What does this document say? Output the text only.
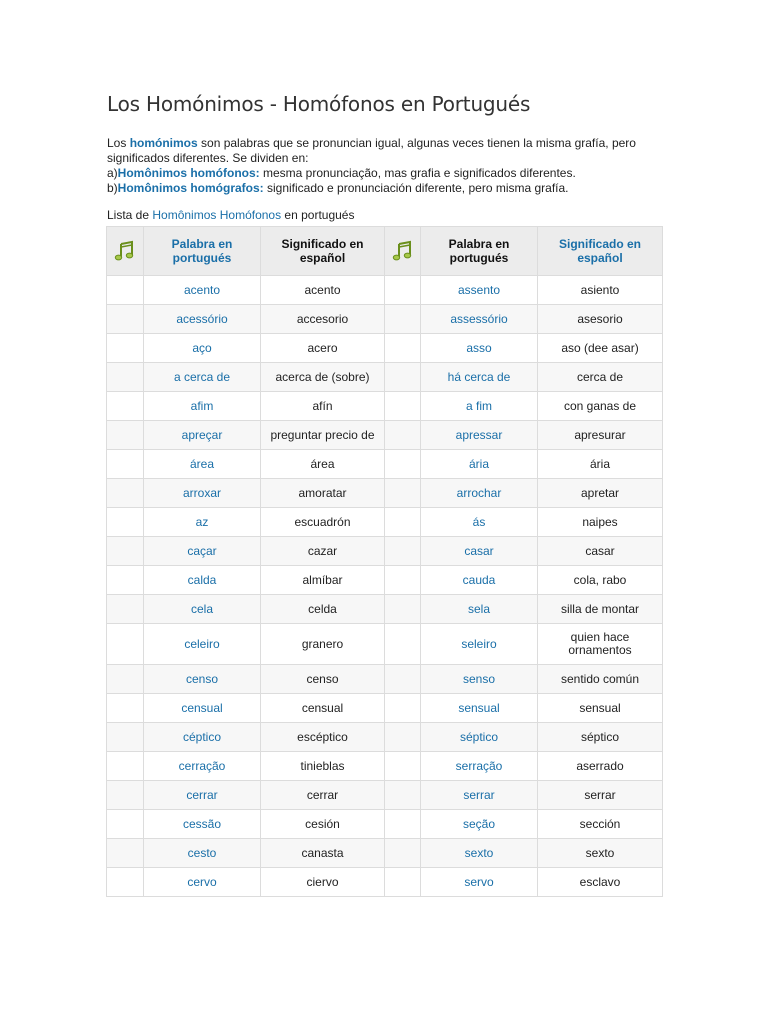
Los Homónimos - Homófonos en Portugués

Los homónimos son palabras que se pronuncian igual, algunas veces tienen la misma grafía, pero significados diferentes. Se dividen en:

a)Homônimos homófonos: mesma pronunciação, mas grafia e significados diferentes.

b)Homônimos homógrafos: significado e pronunciación diferente, pero misma grafía.

Lista de Homônimos Homófonos en portugués
	Palabra en portugués	Significado en español		Palabra en portugués	Significado en español
	acento	acento		assento	asiento
	acessório	accesorio		assessório	asesorio
	aço	acero		asso	aso (dee asar)
	a cerca de	acerca de (sobre)		há cerca de	cerca de
	afim	afín		a fim	con ganas de
	apreçar	preguntar precio de		apressar	apresurar
	área	área		ária	ária
	arroxar	amoratar		arrochar	apretar
	az	escuadrón		ás	naipes
	caçar	cazar		casar	casar
	calda	almíbar		cauda	cola, rabo
	cela	celda		sela	silla de montar
	celeiro	granero		seleiro	quien hace ornamentos
	censo	censo		senso	sentido común
	censual	censual		sensual	sensual
	céptico	escéptico		séptico	séptico
	cerração	tinieblas		serração	aserrado
	cerrar	cerrar		serrar	serrar
	cessão	cesión		seção	sección
	cesto	canasta		sexto	sexto
	cervo	ciervo		servo	esclavo
